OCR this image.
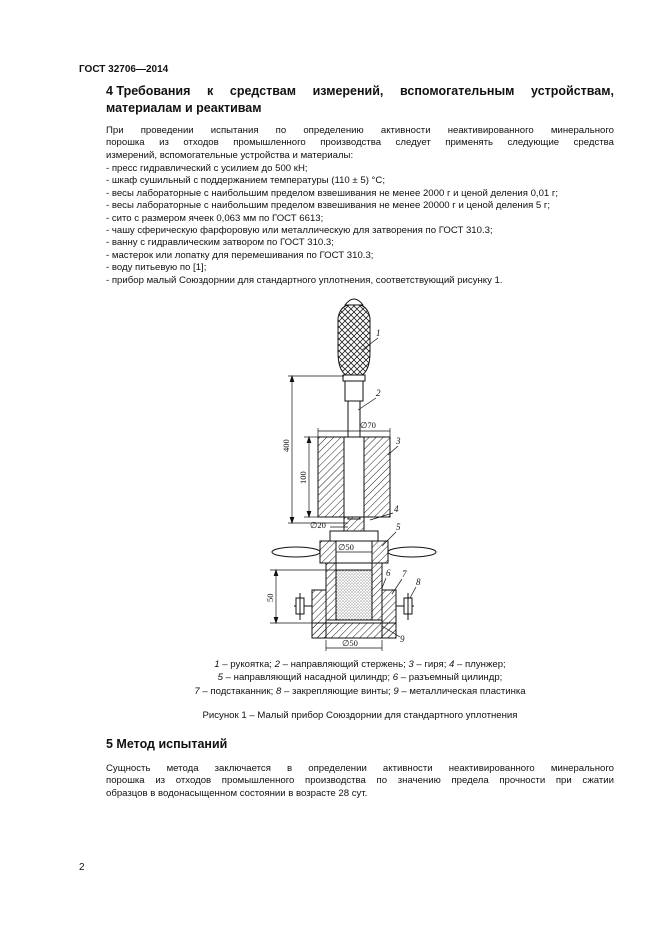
ГОСТ 32706—2014
4 Требования к средствам измерений, вспомогательным устройствам,
материалам и реактивам

При проведении испытания по определению активности неактивированного минерального

порошка из отходов промышленного производства следует применять следующие средства

измерений, вспомогательные устройства и материалы:

- пресс гидравлический с усилием до 500 кН;
- шкаф сушильный с поддержанием температуры (110 ± 5) °С;
- весы лабораторные с наибольшим пределом взвешивания не менее 2000 г и ценой деления 0,01 г;
- весы лабораторные с наибольшим пределом взвешивания не менее 20000 г и ценой деления 5 г;
- сито с размером ячеек 0,063 мм по ГОСТ 6613;
- чашу сферическую фарфоровую или металлическую для затворения по ГОСТ 310.3;
- ванну с гидравлическим затвором по ГОСТ 310.3;
- мастерок или лопатку для перемешивания по ГОСТ 310.3;
- воду питьевую по [1];
- прибор малый Союздорнии для стандартного уплотнения, соответствующий рисунку 1.
1
2
3
4
5
6 7
8
9
∅70
∅20
∅50
∅50
400
100
50
1 – рукоятка; 2 – направляющий стержень; 3 – гиря; 4 – плунжер;
5 – направляющий насадной цилиндр; 6 – разъемный цилиндр;
7 – подстаканник; 8 – закрепляющие винты; 9 – металлическая пластинка
Рисунок 1 – Малый прибор Союздорнии для стандартного уплотнения
5 Метод испытаний

Сущность метода заключается в определении активности неактивированного минерального

порошка из отходов промышленного производства по значению предела прочности при сжатии

образцов в водонасыщенном состоянии в возрасте 28 сут.

2
